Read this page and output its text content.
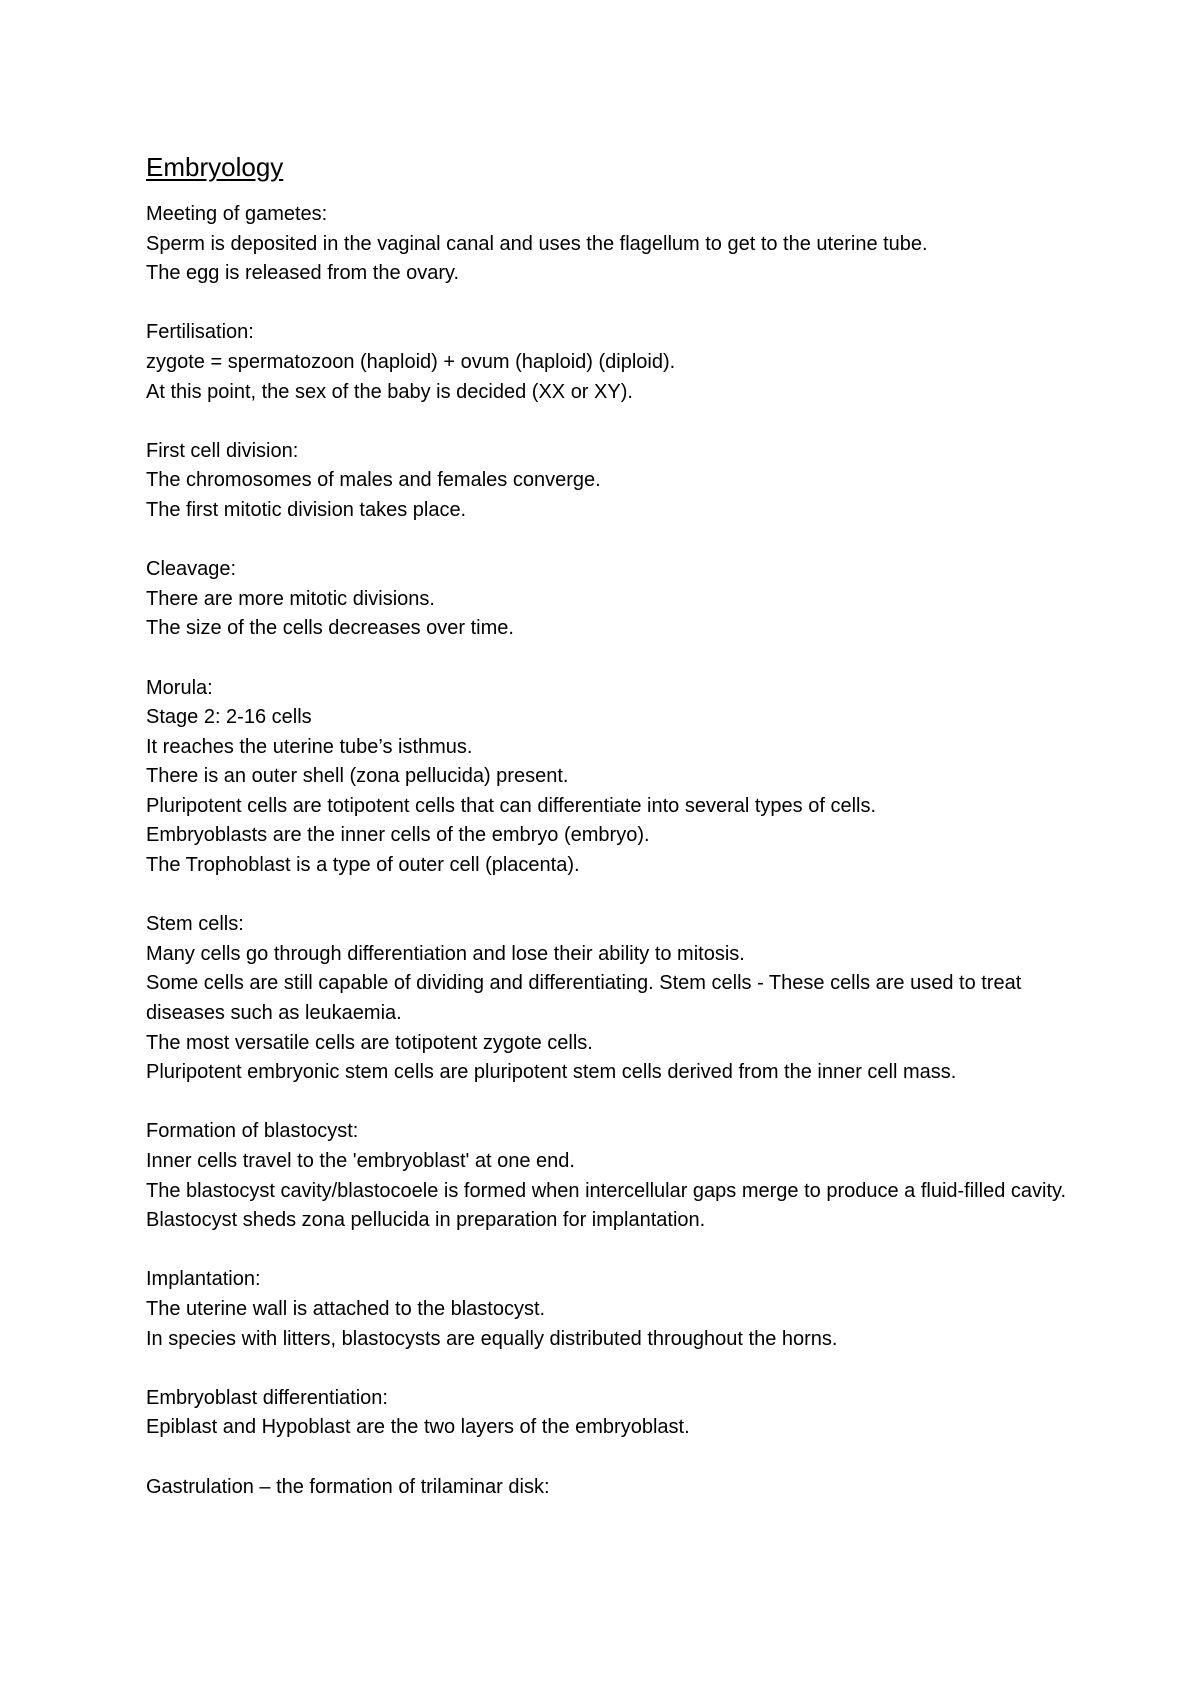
Embryology

Meeting of gametes:

Sperm is deposited in the vaginal canal and uses the flagellum to get to the uterine tube.

The egg is released from the ovary.

Fertilisation:

zygote = spermatozoon (haploid) + ovum (haploid) (diploid).

At this point, the sex of the baby is decided (XX or XY).

First cell division:

The chromosomes of males and females converge.

The first mitotic division takes place.

Cleavage:

There are more mitotic divisions.

The size of the cells decreases over time.

Morula:

Stage 2: 2-16 cells

It reaches the uterine tube’s isthmus.

There is an outer shell (zona pellucida) present.

Pluripotent cells are totipotent cells that can differentiate into several types of cells.

Embryoblasts are the inner cells of the embryo (embryo).

The Trophoblast is a type of outer cell (placenta).

Stem cells:

Many cells go through differentiation and lose their ability to mitosis.

Some cells are still capable of dividing and differentiating. Stem cells - These cells are used to treat diseases such as leukaemia.

The most versatile cells are totipotent zygote cells.

Pluripotent embryonic stem cells are pluripotent stem cells derived from the inner cell mass.

Formation of blastocyst:

Inner cells travel to the 'embryoblast' at one end.

The blastocyst cavity/blastocoele is formed when intercellular gaps merge to produce a fluid-filled cavity.

Blastocyst sheds zona pellucida in preparation for implantation.

Implantation:

The uterine wall is attached to the blastocyst.

In species with litters, blastocysts are equally distributed throughout the horns.

Embryoblast differentiation:

Epiblast and Hypoblast are the two layers of the embryoblast.

Gastrulation – the formation of trilaminar disk:
